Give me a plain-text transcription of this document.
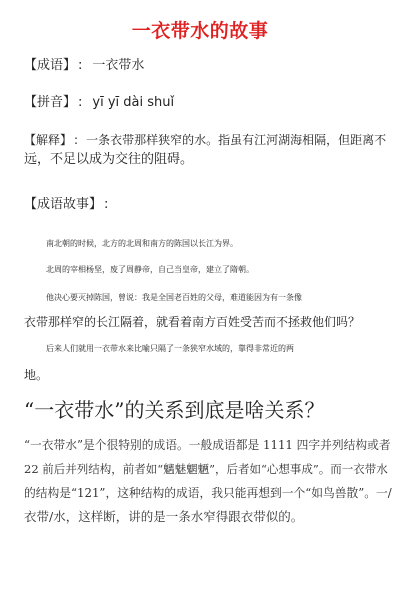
一衣带水的故事
【成语】 : 一衣带水
【拼音】 : yī yī dài shuǐ
【解释】 : 一条衣带那样狭窄的水。指虽有江河湖海相隔，但距离不
远，不足以成为交往的阻碍。
【成语故事】 :
南北朝的时候，北方的北周和南方的陈国以长江为界。
北周的宰相杨坚，废了周静帝，自己当皇帝，建立了隋朝。
他决心要灭掉陈国，曾说：我是全国老百姓的父母，难道能因为有一条像
衣带那样窄的长江隔着，就看着南方百姓受苦而不拯救他们吗？
后来人们就用一衣带水来比喻只隔了一条狭窄水域的，靠得非常近的两
地。
“一衣带水”的关系到底是啥关系？
“一衣带水”是个很特别的成语。一般成语都是 1111 四字并列结构或者
22 前后并列结构，前者如“魑魅魍魉”，后者如“心想事成”。而一衣带水
的结构是“121”，这种结构的成语，我只能再想到一个“如鸟兽散”。一/
衣带/水，这样断，讲的是一条水窄得跟衣带似的。
